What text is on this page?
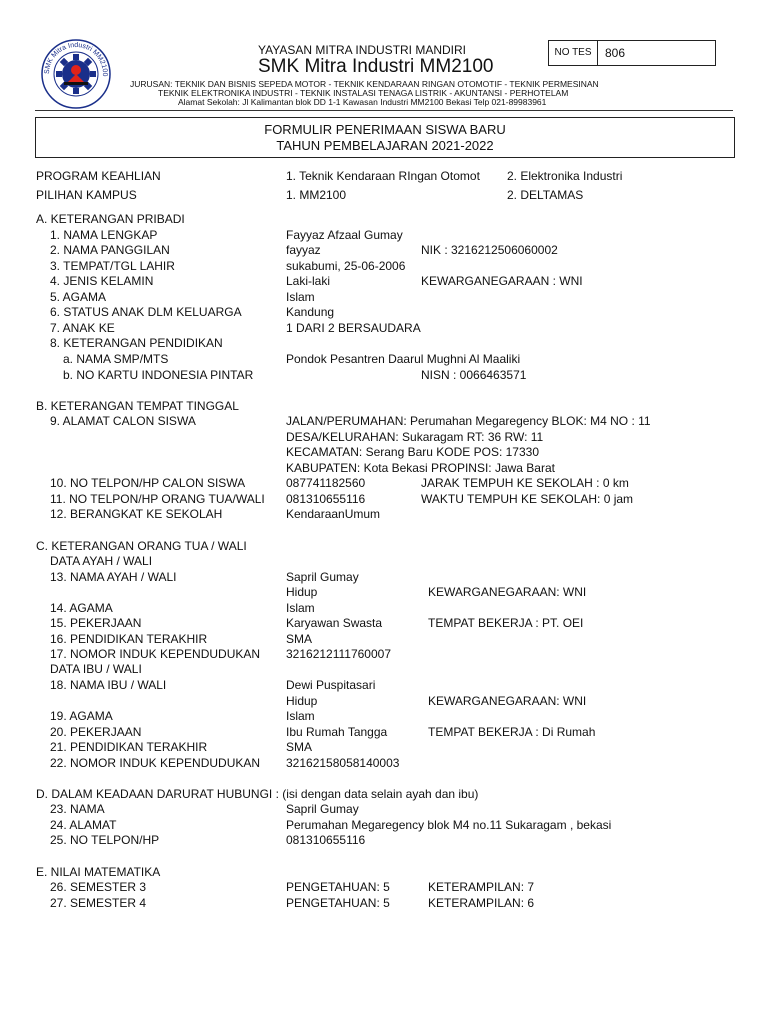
SMK Mitra Industri MM2100
YAYASAN MITRA INDUSTRI MANDIRI
SMK Mitra Industri MM2100
JURUSAN: TEKNIK DAN BISNIS SEPEDA MOTOR - TEKNIK KENDARAAN RINGAN OTOMOTIF - TEKNIK PERMESINAN
TEKNIK ELEKTRONIKA INDUSTRI - TEKNIK INSTALASI TENAGA LISTRIK - AKUNTANSI - PERHOTELAM
Alamat Sekolah: Jl Kalimantan blok DD 1-1 Kawasan Industri MM2100 Bekasi Telp 021-89983961
NO TES	806
FORMULIR PENERIMAAN SISWA BARU
TAHUN PEMBELAJARAN 2021-2022
PROGRAM KEAHLIAN	1. Teknik Kendaraan RIngan Otomot 2. Elektronika Industri
PILIHAN KAMPUS	1. MM2100	2. DELTAMAS
A. KETERANGAN PRIBADI
1. NAMA LENGKAP	Fayyaz Afzaal Gumay
2. NAMA PANGGILAN	fayyaz	NIK : 3216212506060002
3. TEMPAT/TGL LAHIR	sukabumi, 25-06-2006
4. JENIS KELAMIN	Laki-laki	KEWARGANEGARAAN : WNI
5. AGAMA	Islam
6. STATUS ANAK DLM KELUARGA	Kandung
7. ANAK KE	1 DARI 2 BERSAUDARA
8. KETERANGAN PENDIDIKAN
a. NAMA SMP/MTS	Pondok Pesantren Daarul Mughni Al Maaliki
b. NO KARTU INDONESIA PINTAR	NISN : 0066463571
B. KETERANGAN TEMPAT TINGGAL
9. ALAMAT CALON SISWA	JALAN/PERUMAHAN: Perumahan Megaregency BLOK: M4 NO : 11
DESA/KELURAHAN: Sukaragam RT: 36 RW: 11
KECAMATAN: Serang Baru KODE POS: 17330
KABUPATEN: Kota Bekasi PROPINSI: Jawa Barat
10. NO TELPON/HP CALON SISWA	087741182560	JARAK TEMPUH KE SEKOLAH : 0 km
11. NO TELPON/HP ORANG TUA/WALI 081310655116	WAKTU TEMPUH KE SEKOLAH: 0 jam
12. BERANGKAT KE SEKOLAH	KendaraanUmum
C. KETERANGAN ORANG TUA / WALI
DATA AYAH / WALI
13. NAMA AYAH / WALI	Sapril Gumay
Hidup	KEWARGANEGARAAN: WNI
14. AGAMA	Islam
15. PEKERJAAN	Karyawan Swasta	TEMPAT BEKERJA : PT. OEI
16. PENDIDIKAN TERAKHIR	SMA
17. NOMOR INDUK KEPENDUDUKAN 3216212111760007
DATA IBU / WALI
18. NAMA IBU / WALI	Dewi Puspitasari
Hidup	KEWARGANEGARAAN: WNI
19. AGAMA	Islam
20. PEKERJAAN	Ibu Rumah Tangga	TEMPAT BEKERJA : Di Rumah
21. PENDIDIKAN TERAKHIR	SMA
22. NOMOR INDUK KEPENDUDUKAN 32162158058140003
D. DALAM KEADAAN DARURAT HUBUNGI : (isi dengan data selain ayah dan ibu)
23. NAMA	Sapril Gumay
24. ALAMAT	Perumahan Megaregency blok M4 no.11 Sukaragam , bekasi
25. NO TELPON/HP	081310655116
E. NILAI MATEMATIKA
26. SEMESTER 3	PENGETAHUAN: 5	KETERAMPILAN: 7
27. SEMESTER 4	PENGETAHUAN: 5	KETERAMPILAN: 6
